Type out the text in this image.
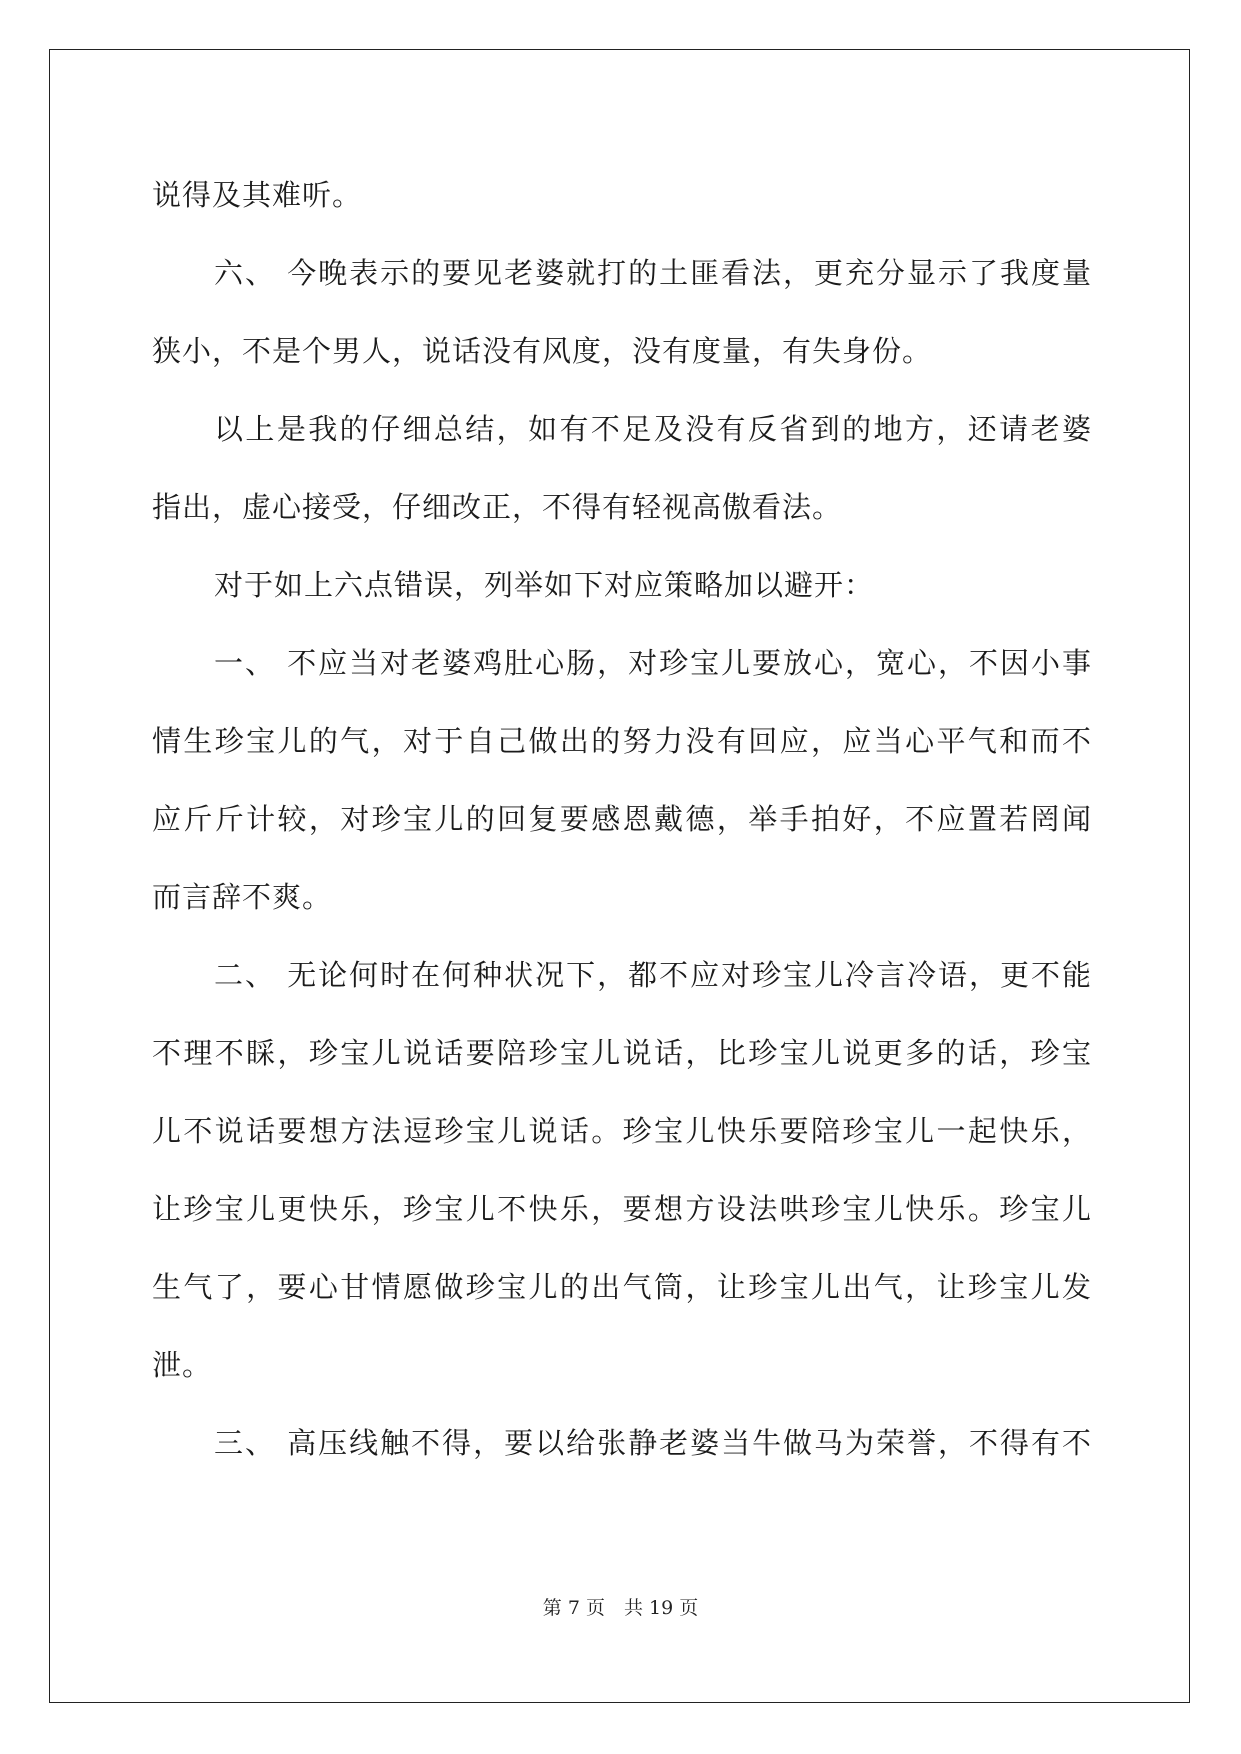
说得及其难听。
六、 今晚表示的要见老婆就打的土匪看法，更充分显示了我度量
狭小，不是个男人，说话没有风度，没有度量，有失身份。
以上是我的仔细总结，如有不足及没有反省到的地方，还请老婆
指出，虚心接受，仔细改正，不得有轻视高傲看法。
对于如上六点错误，列举如下对应策略加以避开：
一、 不应当对老婆鸡肚心肠，对珍宝儿要放心，宽心，不因小事
情生珍宝儿的气，对于自己做出的努力没有回应，应当心平气和而不
应斤斤计较，对珍宝儿的回复要感恩戴德，举手拍好，不应置若罔闻
而言辞不爽。
二、 无论何时在何种状况下，都不应对珍宝儿冷言冷语，更不能
不理不睬，珍宝儿说话要陪珍宝儿说话，比珍宝儿说更多的话，珍宝
儿不说话要想方法逗珍宝儿说话。珍宝儿快乐要陪珍宝儿一起快乐，
让珍宝儿更快乐，珍宝儿不快乐，要想方设法哄珍宝儿快乐。珍宝儿
生气了，要心甘情愿做珍宝儿的出气筒，让珍宝儿出气，让珍宝儿发
泄。
三、 高压线触不得，要以给张静老婆当牛做马为荣誉，不得有不
第 7 页　共 19 页
